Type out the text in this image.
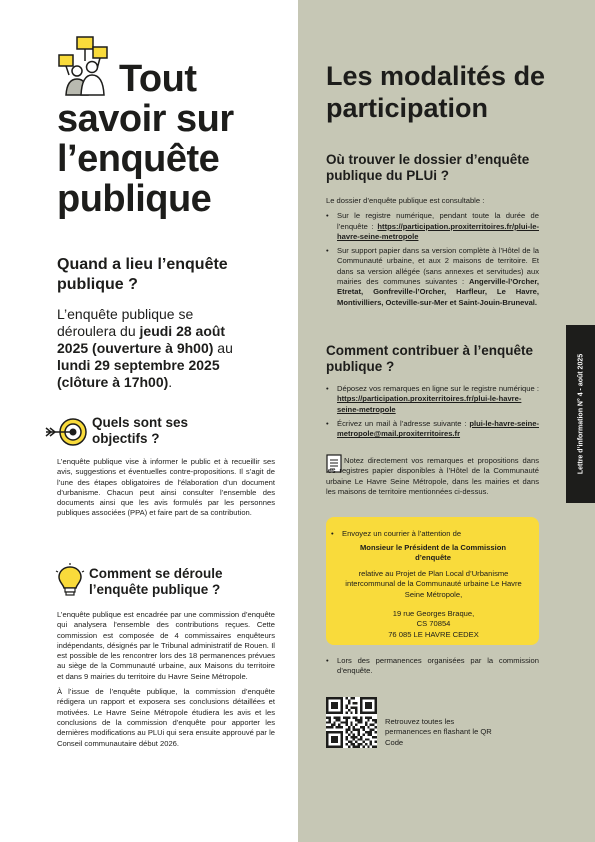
Tout savoir sur l’enquête publique
Quand a lieu l’enquête publique ?
L’enquête publique se déroulera du jeudi 28 août 2025 (ouverture à 9h00) au lundi 29 septembre 2025 (clôture à 17h00).
Quels sont ses objectifs ?
L’enquête publique vise à informer le public et à recueillir ses avis, suggestions et éventuelles contre-propositions. Il s’agit de l’une des étapes obligatoires de l’élaboration d’un document d’urbanisme. Chacun peut ainsi consulter l’ensemble des documents ainsi que les avis formulés par les personnes publiques associées (PPA) et faire part de sa contribution.
Comment se déroule l’enquête publique ?

L’enquête publique est encadrée par une commission d’enquête qui analysera l’ensemble des contributions reçues. Cette commission est composée de 4 commissaires enquêteurs indépendants, désignés par le Tribunal administratif de Rouen. Il est possible de les rencontrer lors des 18 permanences prévues au siège de la Communauté urbaine, aux Maisons du territoire et dans 9 mairies du territoire du Havre Seine Métropole.

À l’issue de l’enquête publique, la commission d’enquête rédigera un rapport et exposera ses conclusions détaillées et motivées. Le Havre Seine Métropole étudiera les avis et les conclusions de la commission d’enquête pour apporter les dernières modifications au PLUi qui sera ensuite approuvé par le Conseil communautaire début 2026.

Les modalités de participation
Où trouver le dossier d’enquête publique du PLUi ?
Le dossier d’enquête publique est consultable :
• Sur le registre numérique, pendant toute la durée de l’enquête : https://participation.proxiterritoires.fr/plui-le-havre-seine-metropole
• Sur support papier dans sa version complète à l’Hôtel de la Communauté urbaine, et aux 2 maisons de territoire. Et dans sa version allégée (sans annexes et servitudes) aux mairies des communes suivantes : Angerville-l’Orcher, Etretat, Gonfreville-l’Orcher, Harfleur, Le Havre, Montivilliers, Octeville-sur-Mer et Saint-Jouin-Bruneval.
Comment contribuer à l’enquête publique ?
• Déposez vos remarques en ligne sur le registre numérique : https://participation.proxiterritoires.fr/plui-le-havre-seine-metropole
• Écrivez un mail à l’adresse suivante : plui-le-havre-seine-metropole@mail.proxiterritoires.fr
Notez directement vos remarques et propositions dans les registres papier disponibles à l’Hôtel de la Communauté urbaine Le Havre Seine Métropole, dans les mairies et dans les maisons de territoire mentionnées ci-dessus.
• Envoyez un courrier à l’attention de
Monsieur le Président de la Commission d’enquête
relative au Projet de Plan Local d’Urbanisme intercommunal de la Communauté urbaine Le Havre Seine Métropole,
19 rue Georges Braque,
CS 70854
76 085 LE HAVRE CEDEX
• Lors des permanences organisées par la commission d’enquête.
Retrouvez toutes les permanences en flashant le QR Code
Lettre d’information N° 4 - août 2025
